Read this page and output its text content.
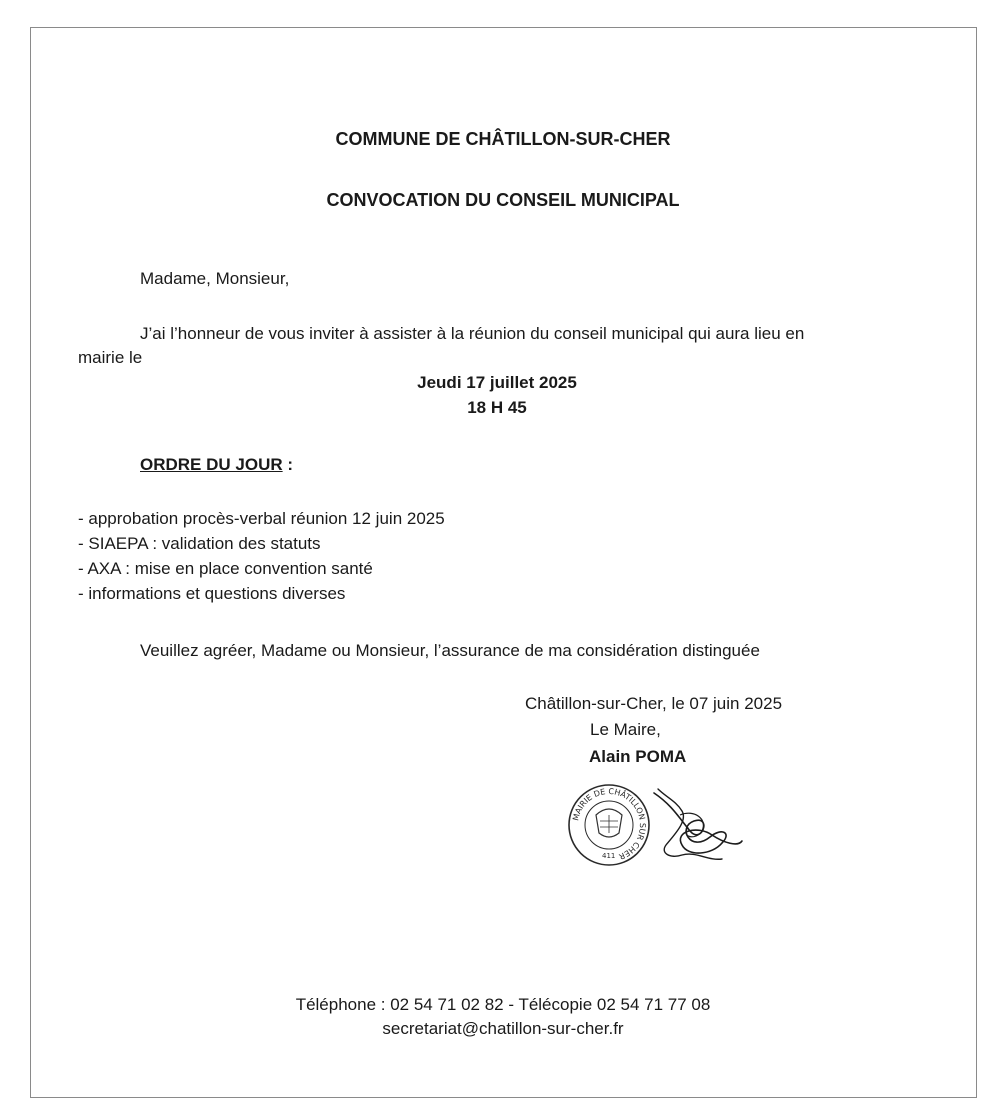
COMMUNE DE CHÂTILLON-SUR-CHER
CONVOCATION DU CONSEIL MUNICIPAL
Madame, Monsieur,
J’ai l’honneur de vous inviter à assister à la réunion du conseil municipal qui aura lieu en
mairie le
Jeudi 17 juillet 2025
18 H 45
ORDRE DU JOUR :
- approbation procès-verbal réunion 12 juin 2025
- SIAEPA : validation des statuts
- AXA : mise en place convention santé
- informations et questions diverses
Veuillez agréer, Madame ou Monsieur, l’assurance de ma considération distinguée
Châtillon-sur-Cher, le 07 juin 2025
Le Maire,
Alain POMA
MAIRIE DE CHÂTILLON SUR CHER
411
Téléphone : 02 54 71 02 82 - Télécopie 02 54 71 77 08
secretariat@chatillon-sur-cher.fr
